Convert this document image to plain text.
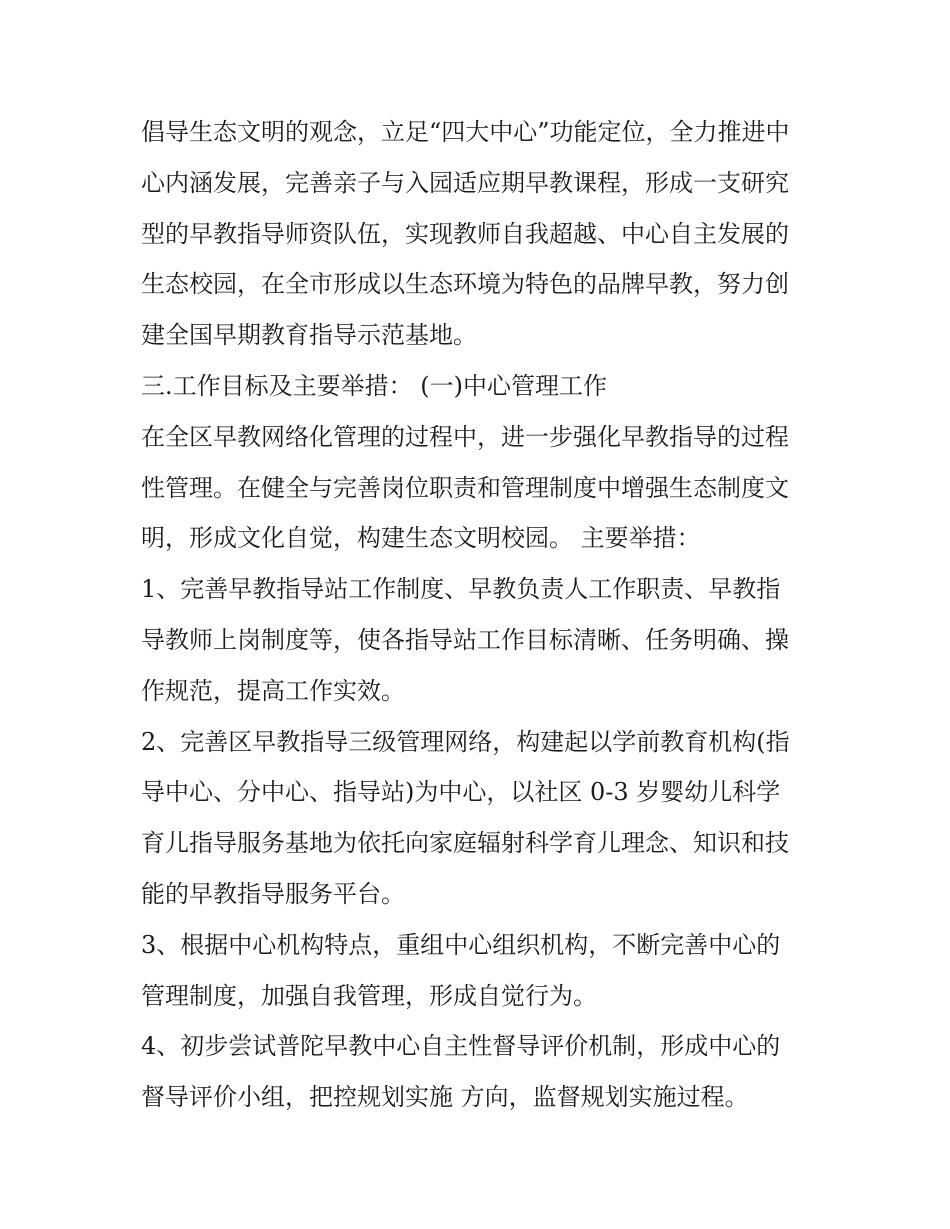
倡导生态文明的观念，立足“四大中心”功能定位，全力推进中
心内涵发展，完善亲子与入园适应期早教课程，形成一支研究
型的早教指导师资队伍，实现教师自我超越、中心自主发展的
生态校园，在全市形成以生态环境为特色的品牌早教，努力创
建全国早期教育指导示范基地。
三.工作目标及主要举措： (一)中心管理工作
在全区早教网络化管理的过程中，进一步强化早教指导的过程
性管理。在健全与完善岗位职责和管理制度中增强生态制度文
明，形成文化自觉，构建生态文明校园。 主要举措：
1、完善早教指导站工作制度、早教负责人工作职责、早教指
导教师上岗制度等，使各指导站工作目标清晰、任务明确、操
作规范，提高工作实效。
2、完善区早教指导三级管理网络，构建起以学前教育机构(指
导中心、分中心、指导站)为中心，以社区 0-3 岁婴幼儿科学
育儿指导服务基地为依托向家庭辐射科学育儿理念、知识和技
能的早教指导服务平台。
3、根据中心机构特点，重组中心组织机构，不断完善中心的
管理制度，加强自我管理，形成自觉行为。
4、初步尝试普陀早教中心自主性督导评价机制，形成中心的
督导评价小组，把控规划实施 方向，监督规划实施过程。
